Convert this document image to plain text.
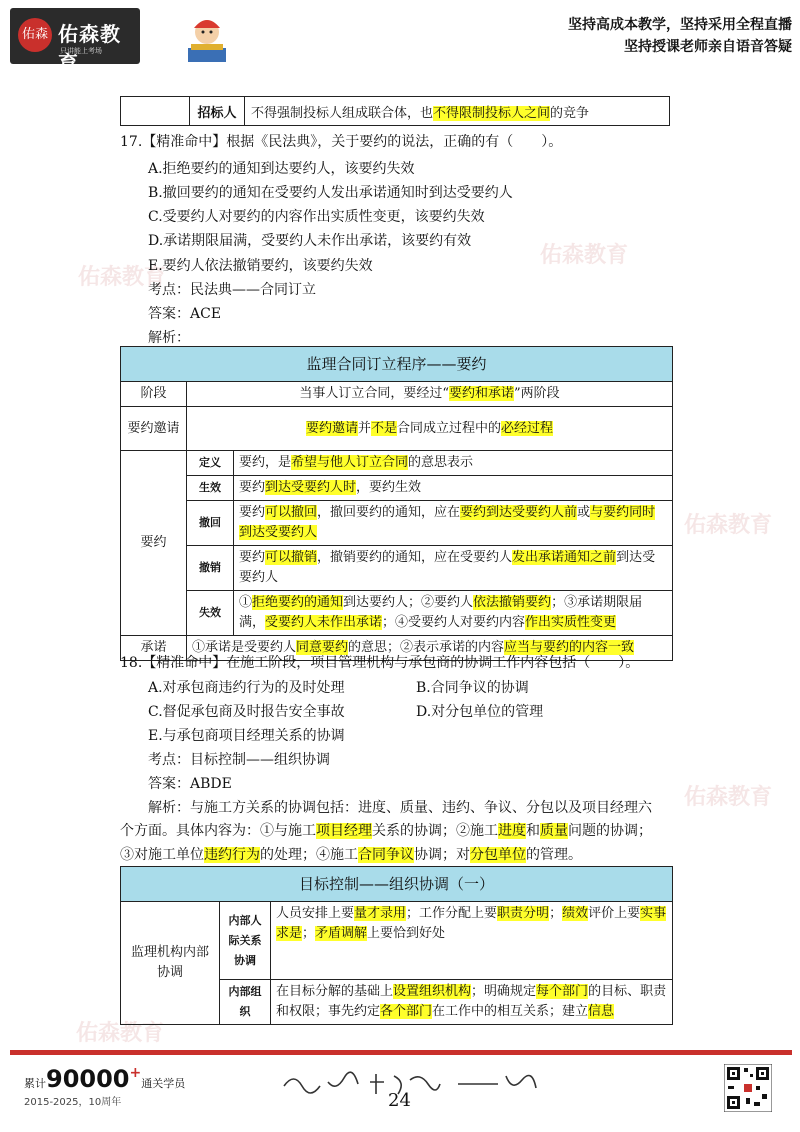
佑森教育
佑森教育
佑森教育
佑森教育
佑森教育
佑森 佑森教育
只讲能上考场
坚持高成本教学，坚持采用全程直播
坚持授课老师亲自语音答疑
	招标人	不得强制投标人组成联合体，也不得限制投标人之间的竞争
17.【精准命中】根据《民法典》，关于要约的说法，正确的有（　　）。
A.拒绝要约的通知到达要约人，该要约失效
B.撤回要约的通知在受要约人发出承诺通知时到达受要约人
C.受要约人对要约的内容作出实质性变更，该要约失效
D.承诺期限届满，受要约人未作出承诺，该要约有效
E.要约人依法撤销要约，该要约失效
考点：民法典——合同订立
答案：ACE
解析：
监理合同订立程序——要约		
阶段	当事人订立合同，要经过“要约和承诺”两阶段	
要约邀请	要约邀请并不是合同成立过程中的必经过程	
要约	定义	要约，是希望与他人订立合同的意思表示
	生效	要约到达受要约人时，要约生效
	撤回	要约可以撤回，撤回要约的通知，应在要约到达受要约人前或与要约同时到达受要约人
	撤销	要约可以撤销，撤销要约的通知，应在受要约人发出承诺通知之前到达受要约人
	失效	①拒绝要约的通知到达要约人；②要约人依法撤销要约；③承诺期限届满，受要约人未作出承诺；④受要约人对要约内容作出实质性变更
承诺	①承诺是受要约人同意要约的意思；②表示承诺的内容应当与要约的内容一致	
18.【精准命中】在施工阶段，项目管理机构与承包商的协调工作内容包括（　　）。
A.对承包商违约行为的及时处理	B.合同争议的协调
C.督促承包商及时报告安全事故	D.对分包单位的管理
E.与承包商项目经理关系的协调
考点：目标控制——组织协调
答案：ABDE
解析：与施工方关系的协调包括：进度、质量、违约、争议、分包以及项目经理六
个方面。具体内容为：①与施工项目经理关系的协调；②施工进度和质量问题的协调；
③对施工单位违约行为的处理；④施工合同争议协调；对分包单位的管理。
目标控制——组织协调（一）		
监理机构内部协调	内部人际关系协调	人员安排上要量才录用；工作分配上要职责分明；绩效评价上要实事求是；矛盾调解上要恰到好处
	内部组织	在目标分解的基础上设置组织机构；明确规定每个部门的目标、职责和权限；事先约定各个部门在工作中的相互关系；建立信息
累计90000+通关学员
2015-2025，10周年	24
